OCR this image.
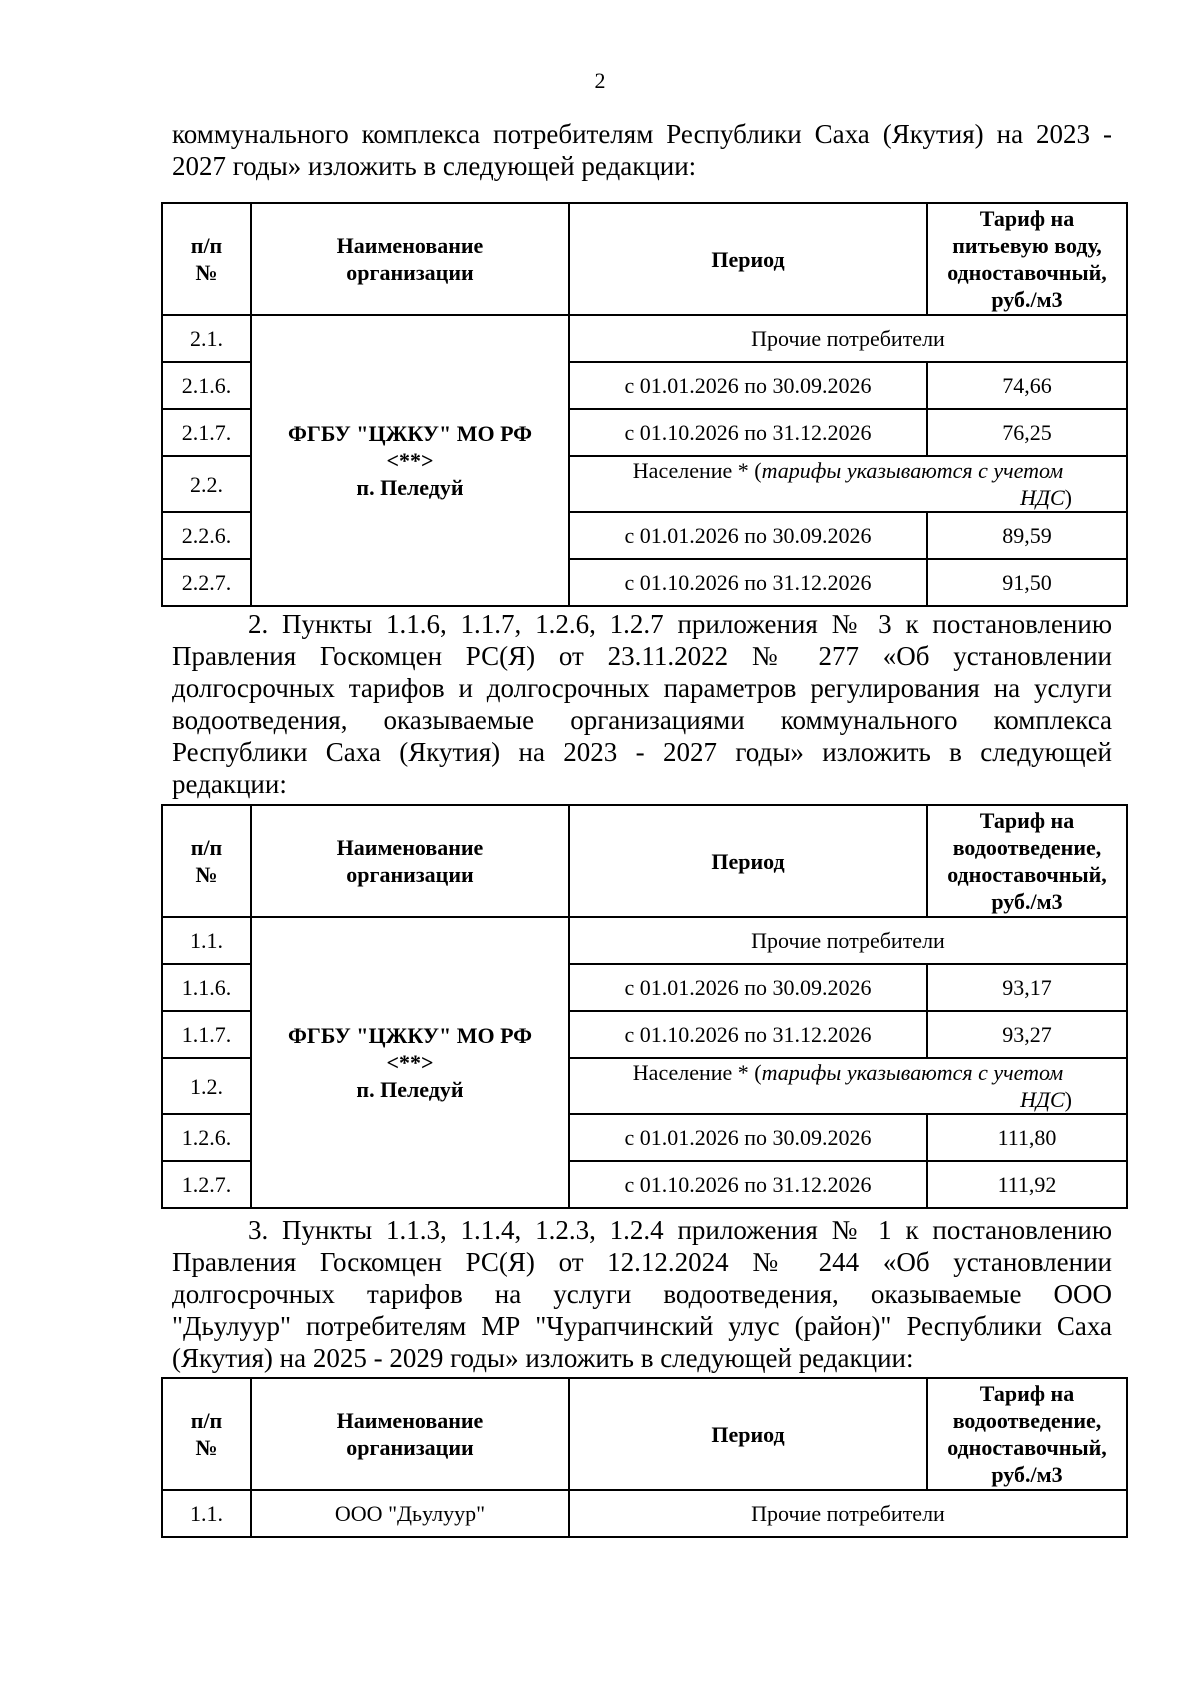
2
коммунального комплекса потребителям Республики Саха (Якутия) на 2023 -
2027 годы» изложить в следующей редакции:
п/п
№	Наименование
организации	Период	Тариф на
питьевую воду,
одноставочный,
руб./м3
2.1.	ФГБУ "ЦЖКУ" МО РФ
<**>
п. Пеледуй	Прочие потребители	
2.1.6.		с 01.01.2026 по 30.09.2026	74,66
2.1.7.		с 01.10.2026 по 31.12.2026	76,25
2.2.		Население * (тарифы указываются с учетом
НДС)	

2.2.6.		с 01.01.2026 по 30.09.2026	89,59
2.2.7.		с 01.10.2026 по 31.12.2026	91,50
2. Пункты 1.1.6, 1.1.7, 1.2.6, 1.2.7 приложения № 3 к постановлению
Правления Госкомцен РС(Я) от 23.11.2022 № 277 «Об установлении
долгосрочных тарифов и долгосрочных параметров регулирования на услуги
водоотведения, оказываемые организациями коммунального комплекса
Республики Саха (Якутия) на 2023 - 2027 годы» изложить в следующей
редакции:
п/п
№	Наименование
организации	Период	Тариф на
водоотведение,
одноставочный,
руб./м3
1.1.	ФГБУ "ЦЖКУ" МО РФ
<**>
п. Пеледуй	Прочие потребители	
1.1.6.		с 01.01.2026 по 30.09.2026	93,17
1.1.7.		с 01.10.2026 по 31.12.2026	93,27
1.2.		Население * (тарифы указываются с учетом
НДС)	

1.2.6.		с 01.01.2026 по 30.09.2026	111,80
1.2.7.		с 01.10.2026 по 31.12.2026	111,92
3. Пункты 1.1.3, 1.1.4, 1.2.3, 1.2.4 приложения № 1 к постановлению
Правления Госкомцен РС(Я) от 12.12.2024 № 244 «Об установлении
долгосрочных тарифов на услуги водоотведения, оказываемые ООО
"Дьулуур" потребителям МР "Чурапчинский улус (район)" Республики Саха
(Якутия) на 2025 - 2029 годы» изложить в следующей редакции:
п/п
№	Наименование
организации	Период	Тариф на
водоотведение,
одноставочный,
руб./м3
1.1.	ООО "Дьулуур"	Прочие потребители	
